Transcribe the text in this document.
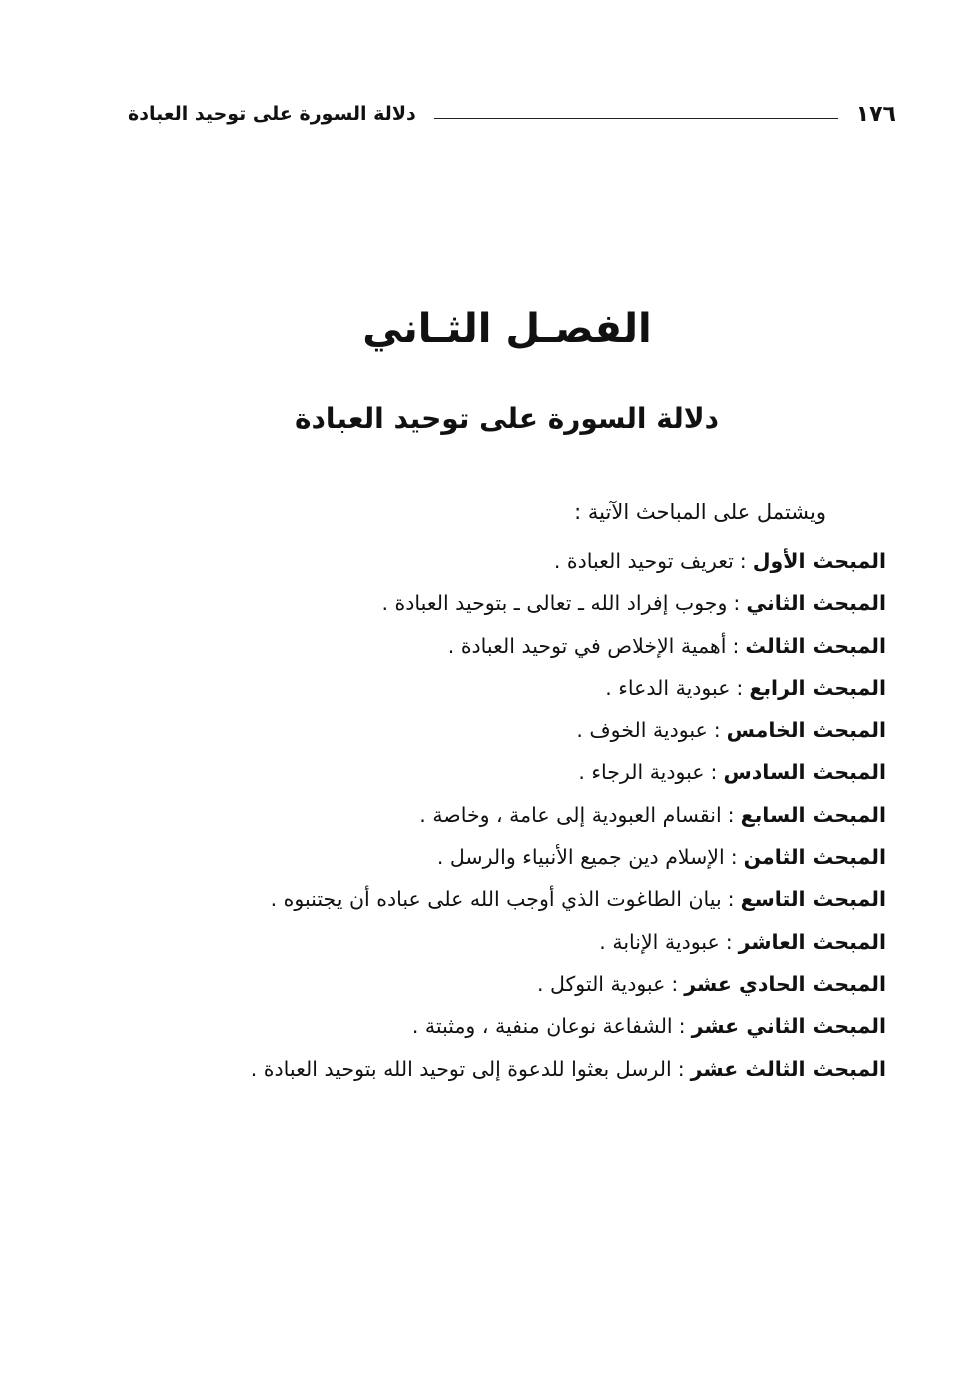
١٧٦
دلالة السورة على توحيد العبادة
الفصـل الثـاني
دلالة السورة على توحيد العبادة
ويشتمل على المباحث الآتية :
المبحث الأول:تعريف توحيد العبادة .
المبحث الثاني:وجوب إفراد الله ـ تعالى ـ بتوحيد العبادة .
المبحث الثالث:أهمية الإخلاص في توحيد العبادة .
المبحث الرابع:عبودية الدعاء .
المبحث الخامس:عبودية الخوف .
المبحث السادس:عبودية الرجاء .
المبحث السابع:انقسام العبودية إلى عامة ، وخاصة .
المبحث الثامن:الإسلام دين جميع الأنبياء والرسل .
المبحث التاسع:بيان الطاغوت الذي أوجب الله على عباده أن يجتنبوه .
المبحث العاشر:عبودية الإنابة .
المبحث الحادي عشر:عبودية التوكل .
المبحث الثاني عشر:الشفاعة نوعان منفية ، ومثبتة .
المبحث الثالث عشر:الرسل بعثوا للدعوة إلى توحيد الله بتوحيد العبادة .
